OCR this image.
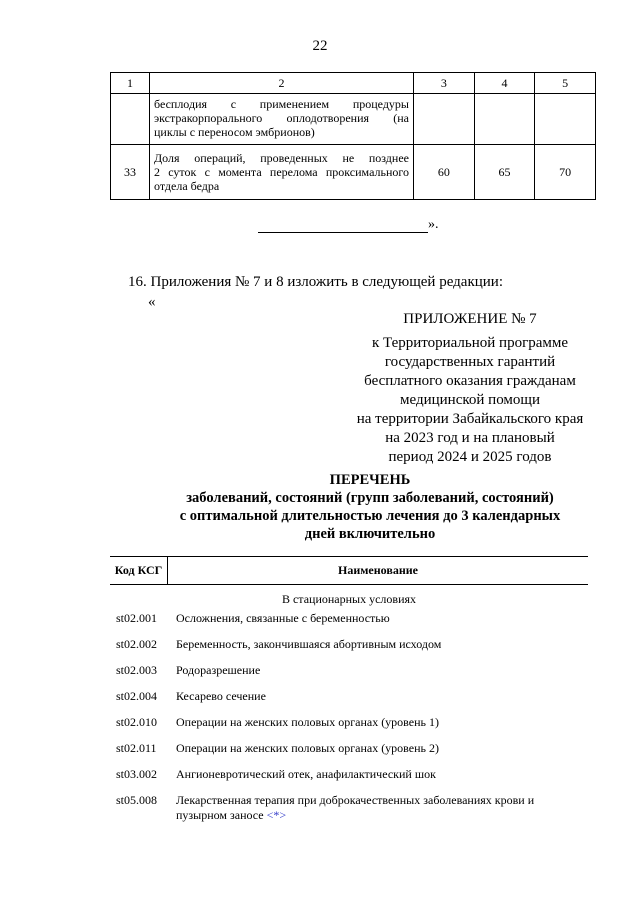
22
1	2	3	4	5

	бесплодия с применением процедуры
экстракорпорального оплодотворения (на
циклы с переносом эмбрионов)			

33	Доля операций, проведенных не позднее
2 суток с момента перелома проксимального
отдела бедра	60	65	70
».
16. Приложения № 7 и 8 изложить в следующей редакции:
«
ПРИЛОЖЕНИЕ № 7
к Территориальной программе
государственных гарантий
бесплатного оказания гражданам
медицинской помощи
на территории Забайкальского края
на 2023 год и на плановый
период 2024 и 2025 годов
ПЕРЕЧЕНЬ
заболеваний, состояний (групп заболеваний, состояний)
с оптимальной длительностью лечения до 3 календарных
дней включительно
Код КСГ	Наименование
В стационарных условиях
st02.001	Осложнения, связанные с беременностью
st02.002	Беременность, закончившаяся абортивным исходом
st02.003	Родоразрешение
st02.004	Кесарево сечение
st02.010	Операции на женских половых органах (уровень 1)
st02.011	Операции на женских половых органах (уровень 2)
st03.002	Ангионевротический отек, анафилактический шок
st05.008	Лекарственная терапия при доброкачественных заболеваниях крови и
пузырном заносе <*>
